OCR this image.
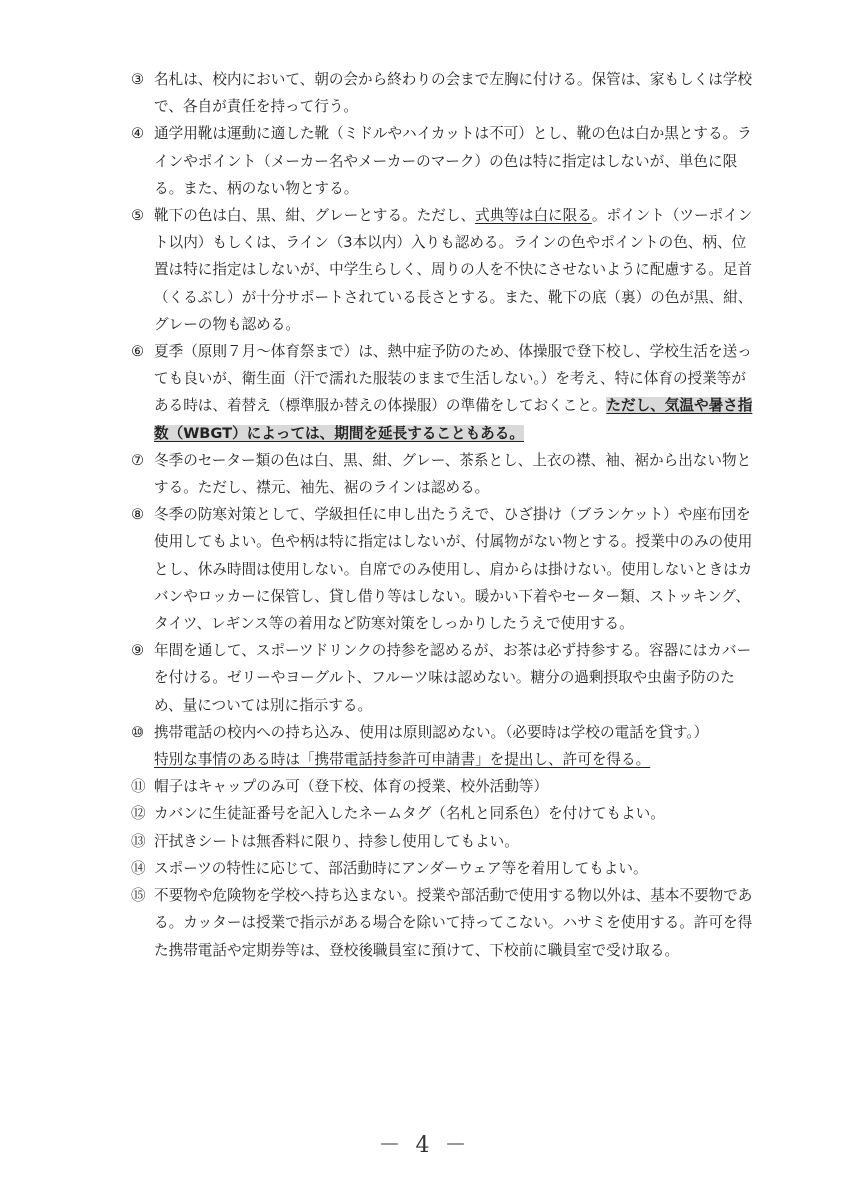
③ 名札は、校内において、朝の会から終わりの会まで左胸に付ける。保管は、家もしくは学校で、各自が責任を持って行う。

④ 通学用靴は運動に適した靴（ミドルやハイカットは不可）とし、靴の色は白か黒とする。ラインやポイント（メーカー名やメーカーのマーク）の色は特に指定はしないが、単色に限る。また、柄のない物とする。

⑤ 靴下の色は白、黒、紺、グレーとする。ただし、式典等は白に限る。ポイント（ツーポイント以内）もしくは、ライン（3本以内）入りも認める。ラインの色やポイントの色、柄、位置は特に指定はしないが、中学生らしく、周りの人を不快にさせないように配慮する。足首（くるぶし）が十分サポートされている長さとする。また、靴下の底（裏）の色が黒、紺、グレーの物も認める。

⑥ 夏季（原則７月～体育祭まで）は、熱中症予防のため、体操服で登下校し、学校生活を送っても良いが、衛生面（汗で濡れた服装のままで生活しない。）を考え、特に体育の授業等がある時は、着替え（標準服か替えの体操服）の準備をしておくこと。ただし、気温や暑さ指数（WBGT）によっては、期間を延長することもある。

⑦ 冬季のセーター類の色は白、黒、紺、グレー、茶系とし、上衣の襟、袖、裾から出ない物とする。ただし、襟元、袖先、裾のラインは認める。

⑧ 冬季の防寒対策として、学級担任に申し出たうえで、ひざ掛け（ブランケット）や座布団を使用してもよい。色や柄は特に指定はしないが、付属物がない物とする。授業中のみの使用とし、休み時間は使用しない。自席でのみ使用し、肩からは掛けない。使用しないときはカバンやロッカーに保管し、貸し借り等はしない。暖かい下着やセーター類、ストッキング、タイツ、レギンス等の着用など防寒対策をしっかりしたうえで使用する。

⑨ 年間を通して、スポーツドリンクの持参を認めるが、お茶は必ず持参する。容器にはカバーを付ける。ゼリーやヨーグルト、フルーツ味は認めない。糖分の過剰摂取や虫歯予防のため、量については別に指示する。

⑩ 携帯電話の校内への持ち込み、使用は原則認めない。（必要時は学校の電話を貸す。）
特別な事情のある時は「携帯電話持参許可申請書」を提出し、許可を得る。

⑪ 帽子はキャップのみ可（登下校、体育の授業、校外活動等）

⑫ カバンに生徒証番号を記入したネームタグ（名札と同系色）を付けてもよい。

⑬ 汗拭きシートは無香料に限り、持参し使用してもよい。

⑭ スポーツの特性に応じて、部活動時にアンダーウェア等を着用してもよい。

⑮ 不要物や危険物を学校へ持ち込まない。授業や部活動で使用する物以外は、基本不要物である。カッターは授業で指示がある場合を除いて持ってこない。ハサミを使用する。許可を得た携帯電話や定期券等は、登校後職員室に預けて、下校前に職員室で受け取る。

－ 4 －
